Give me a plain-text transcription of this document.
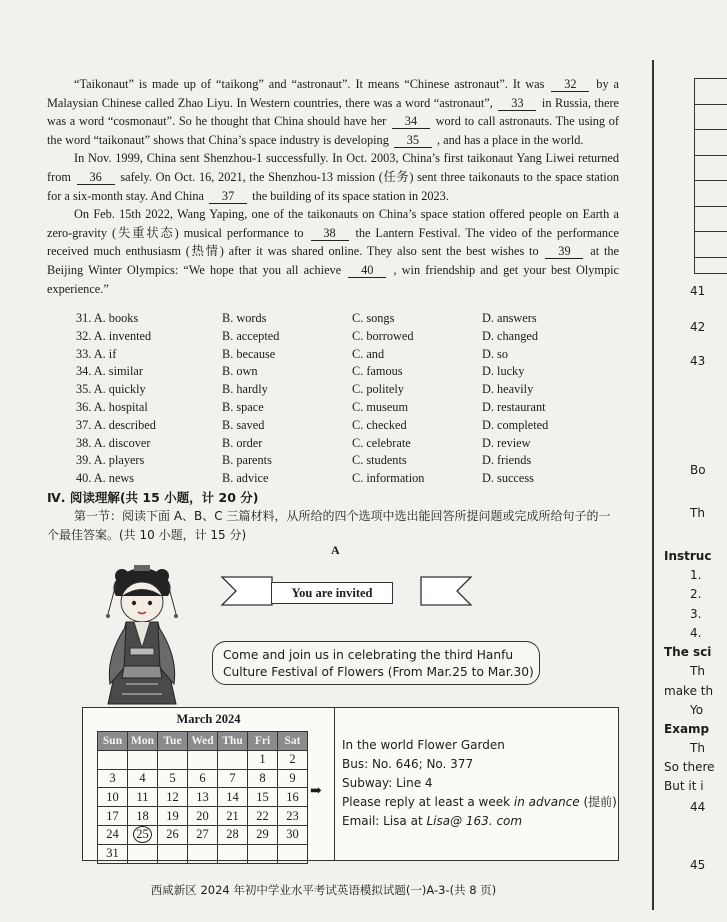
“Taikonaut” is made up of “taikong” and “astronaut”. It means “Chinese astronaut”. It was 32 by a Malaysian Chinese called Zhao Liyu. In Western countries, there was a word “astronaut”, 33 in Russia, there was a word “cosmonaut”. So he thought that China should have her 34 word to call astronauts. The using of the word “taikonaut” shows that China’s space industry is developing 35 , and has a place in the world.

In Nov. 1999, China sent Shenzhou-1 successfully. In Oct. 2003, China’s first taikonaut Yang Liwei returned from 36 safely. On Oct. 16, 2021, the Shenzhou-13 mission (任务) sent three taikonauts to the space station for a six-month stay. And China 37 the building of its space station in 2023.

On Feb. 15th 2022, Wang Yaping, one of the taikonauts on China’s space station offered people on Earth a zero-gravity (失重状态) musical performance to 38 the Lantern Festival. The video of the performance received much enthusiasm (热情) after it was shared online. They also sent the best wishes to 39 at the Beijing Winter Olympics: “We hope that you all achieve 40 , win friendship and get your best Olympic experience.”

31. A. books	B. words	C. songs	D. answers
32. A. invented	B. accepted	C. borrowed	D. changed
33. A. if	B. because	C. and	D. so
34. A. similar	B. own	C. famous	D. lucky
35. A. quickly	B. hardly	C. politely	D. heavily
36. A. hospital	B. space	C. museum	D. restaurant
37. A. described	B. saved	C. checked	D. completed
38. A. discover	B. order	C. celebrate	D. review
39. A. players	B. parents	C. students	D. friends
40. A. news	B. advice	C. information	D. success
Ⅳ. 阅读理解(共 15 小题，计 20 分)
第一节：阅读下面 A、B、C 三篇材料，从所给的四个选项中选出能回答所提问题或完成所给句子的一个最佳答案。(共 10 小题，计 15 分)
A
You are invited
Come and join us in celebrating the third Hanfu Culture Festival of Flowers (From Mar.25 to Mar.30)
March 2024
Sun	Mon	Tue	Wed	Thu	Fri	Sat
					1	2
3	4	5	6	7	8	9
10	11	12	13	14	15	16
17	18	19	20	21	22	23
24	25	26	27	28	29	30
31						
➡
In the world Flower Garden
Bus: No. 646; No. 377
Subway: Line 4
Please reply at least a week in advance (提前)
Email: Lisa at Lisa@ 163. com
西咸新区 2024 年初中学业水平考试英语模拟试题(一)A-3-(共 8 页)
41
42
43
Bo
Th
Instruc
1.
2.
3.
4.
The sci
Th
make th
Yo
Examp
Th
So there
But it i
44
45
